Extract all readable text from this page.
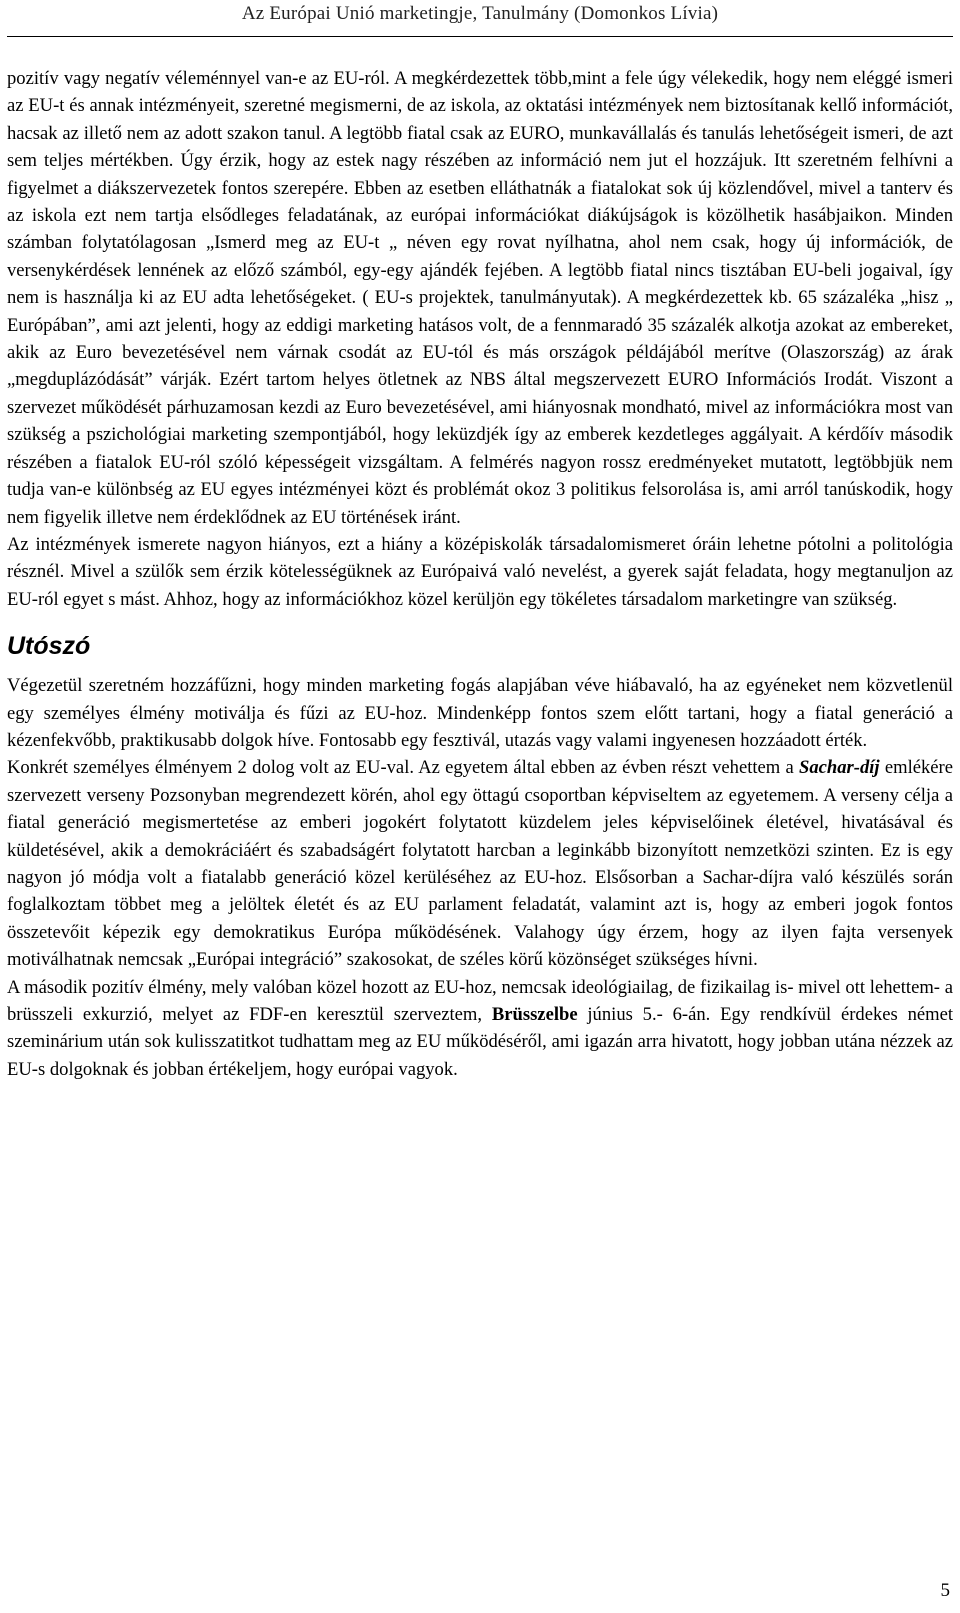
Az Európai Unió marketingje, Tanulmány (Domonkos Lívia)

pozitív vagy negatív véleménnyel van-e az EU-ról. A megkérdezettek több,mint a fele úgy vélekedik, hogy nem eléggé ismeri az EU-t és annak intézményeit, szeretné megismerni, de az iskola, az oktatási intézmények nem biztosítanak kellő információt, hacsak az illető nem az adott szakon tanul. A legtöbb fiatal csak az EURO, munkavállalás és tanulás lehetőségeit ismeri, de azt sem teljes mértékben. Úgy érzik, hogy az estek nagy részében az információ nem jut el hozzájuk. Itt szeretném felhívni a figyelmet a diákszervezetek fontos szerepére. Ebben az esetben elláthatnák a fiatalokat sok új közlendővel, mivel a tanterv és az iskola ezt nem tartja elsődleges feladatának, az európai információkat diákújságok is közölhetik hasábjaikon. Minden számban folytatólagosan „Ismerd meg az EU-t „ néven egy rovat nyílhatna, ahol nem csak, hogy új információk, de versenykérdések lennének az előző számból, egy-egy ajándék fejében. A legtöbb fiatal nincs tisztában EU-beli jogaival, így nem is használja ki az EU adta lehetőségeket. ( EU-s projektek, tanulmányutak). A megkérdezettek kb. 65 százaléka „hisz „ Európában”, ami azt jelenti, hogy az eddigi marketing hatásos volt, de a fennmaradó 35 százalék alkotja azokat az embereket, akik az Euro bevezetésével nem várnak csodát az EU-tól és más országok példájából merítve (Olaszország) az árak „megduplázódását” várják. Ezért tartom helyes ötletnek az NBS által megszervezett EURO Információs Irodát. Viszont a szervezet működését párhuzamosan kezdi az Euro bevezetésével, ami hiányosnak mondható, mivel az információkra most van szükség a pszichológiai marketing szempontjából, hogy leküzdjék így az emberek kezdetleges aggályait. A kérdőív második részében a fiatalok EU-ról szóló képességeit vizsgáltam. A felmérés nagyon rossz eredményeket mutatott, legtöbbjük nem tudja van-e különbség az EU egyes intézményei közt és problémát okoz 3 politikus felsorolása is, ami arról tanúskodik, hogy nem figyelik illetve nem érdeklődnek az EU történések iránt.

Az intézmények ismerete nagyon hiányos, ezt a hiány a középiskolák társadalomismeret óráin lehetne pótolni a politológia résznél. Mivel a szülők sem érzik kötelességüknek az Európaivá való nevelést, a gyerek saját feladata, hogy megtanuljon az EU-ról egyet s mást. Ahhoz, hogy az információkhoz közel kerüljön egy tökéletes társadalom marketingre van szükség.

Utószó

Végezetül szeretném hozzáfűzni, hogy minden marketing fogás alapjában véve hiábavaló, ha az egyéneket nem közvetlenül egy személyes élmény motiválja és fűzi az EU-hoz. Mindenképp fontos szem előtt tartani, hogy a fiatal generáció a kézenfekvőbb, praktikusabb dolgok híve. Fontosabb egy fesztivál, utazás vagy valami ingyenesen hozzáadott érték.

Konkrét személyes élményem 2 dolog volt az EU-val. Az egyetem által ebben az évben részt vehettem a Sachar-díj emlékére szervezett verseny Pozsonyban megrendezett körén, ahol egy öttagú csoportban képviseltem az egyetemem. A verseny célja a fiatal generáció megismertetése az emberi jogokért folytatott küzdelem jeles képviselőinek életével, hivatásával és küldetésével, akik a demokráciáért és szabadságért folytatott harcban a leginkább bizonyított nemzetközi szinten. Ez is egy nagyon jó módja volt a fiatalabb generáció közel kerüléséhez az EU-hoz. Elsősorban a Sachar-díjra való készülés során foglalkoztam többet meg a jelöltek életét és az EU parlament feladatát, valamint azt is, hogy az emberi jogok fontos összetevőit képezik egy demokratikus Európa működésének. Valahogy úgy érzem, hogy az ilyen fajta versenyek motiválhatnak nemcsak „Európai integráció” szakosokat, de széles körű közönséget szükséges hívni.

A második pozitív élmény, mely valóban közel hozott az EU-hoz, nemcsak ideológiailag, de fizikailag is- mivel ott lehettem- a brüsszeli exkurzió, melyet az FDF-en keresztül szerveztem, Brüsszelbe június 5.- 6-án. Egy rendkívül érdekes német szeminárium után sok kulisszatitkot tudhattam meg az EU működéséről, ami igazán arra hivatott, hogy jobban utána nézzek az EU-s dolgoknak és jobban értékeljem, hogy európai vagyok.

5
